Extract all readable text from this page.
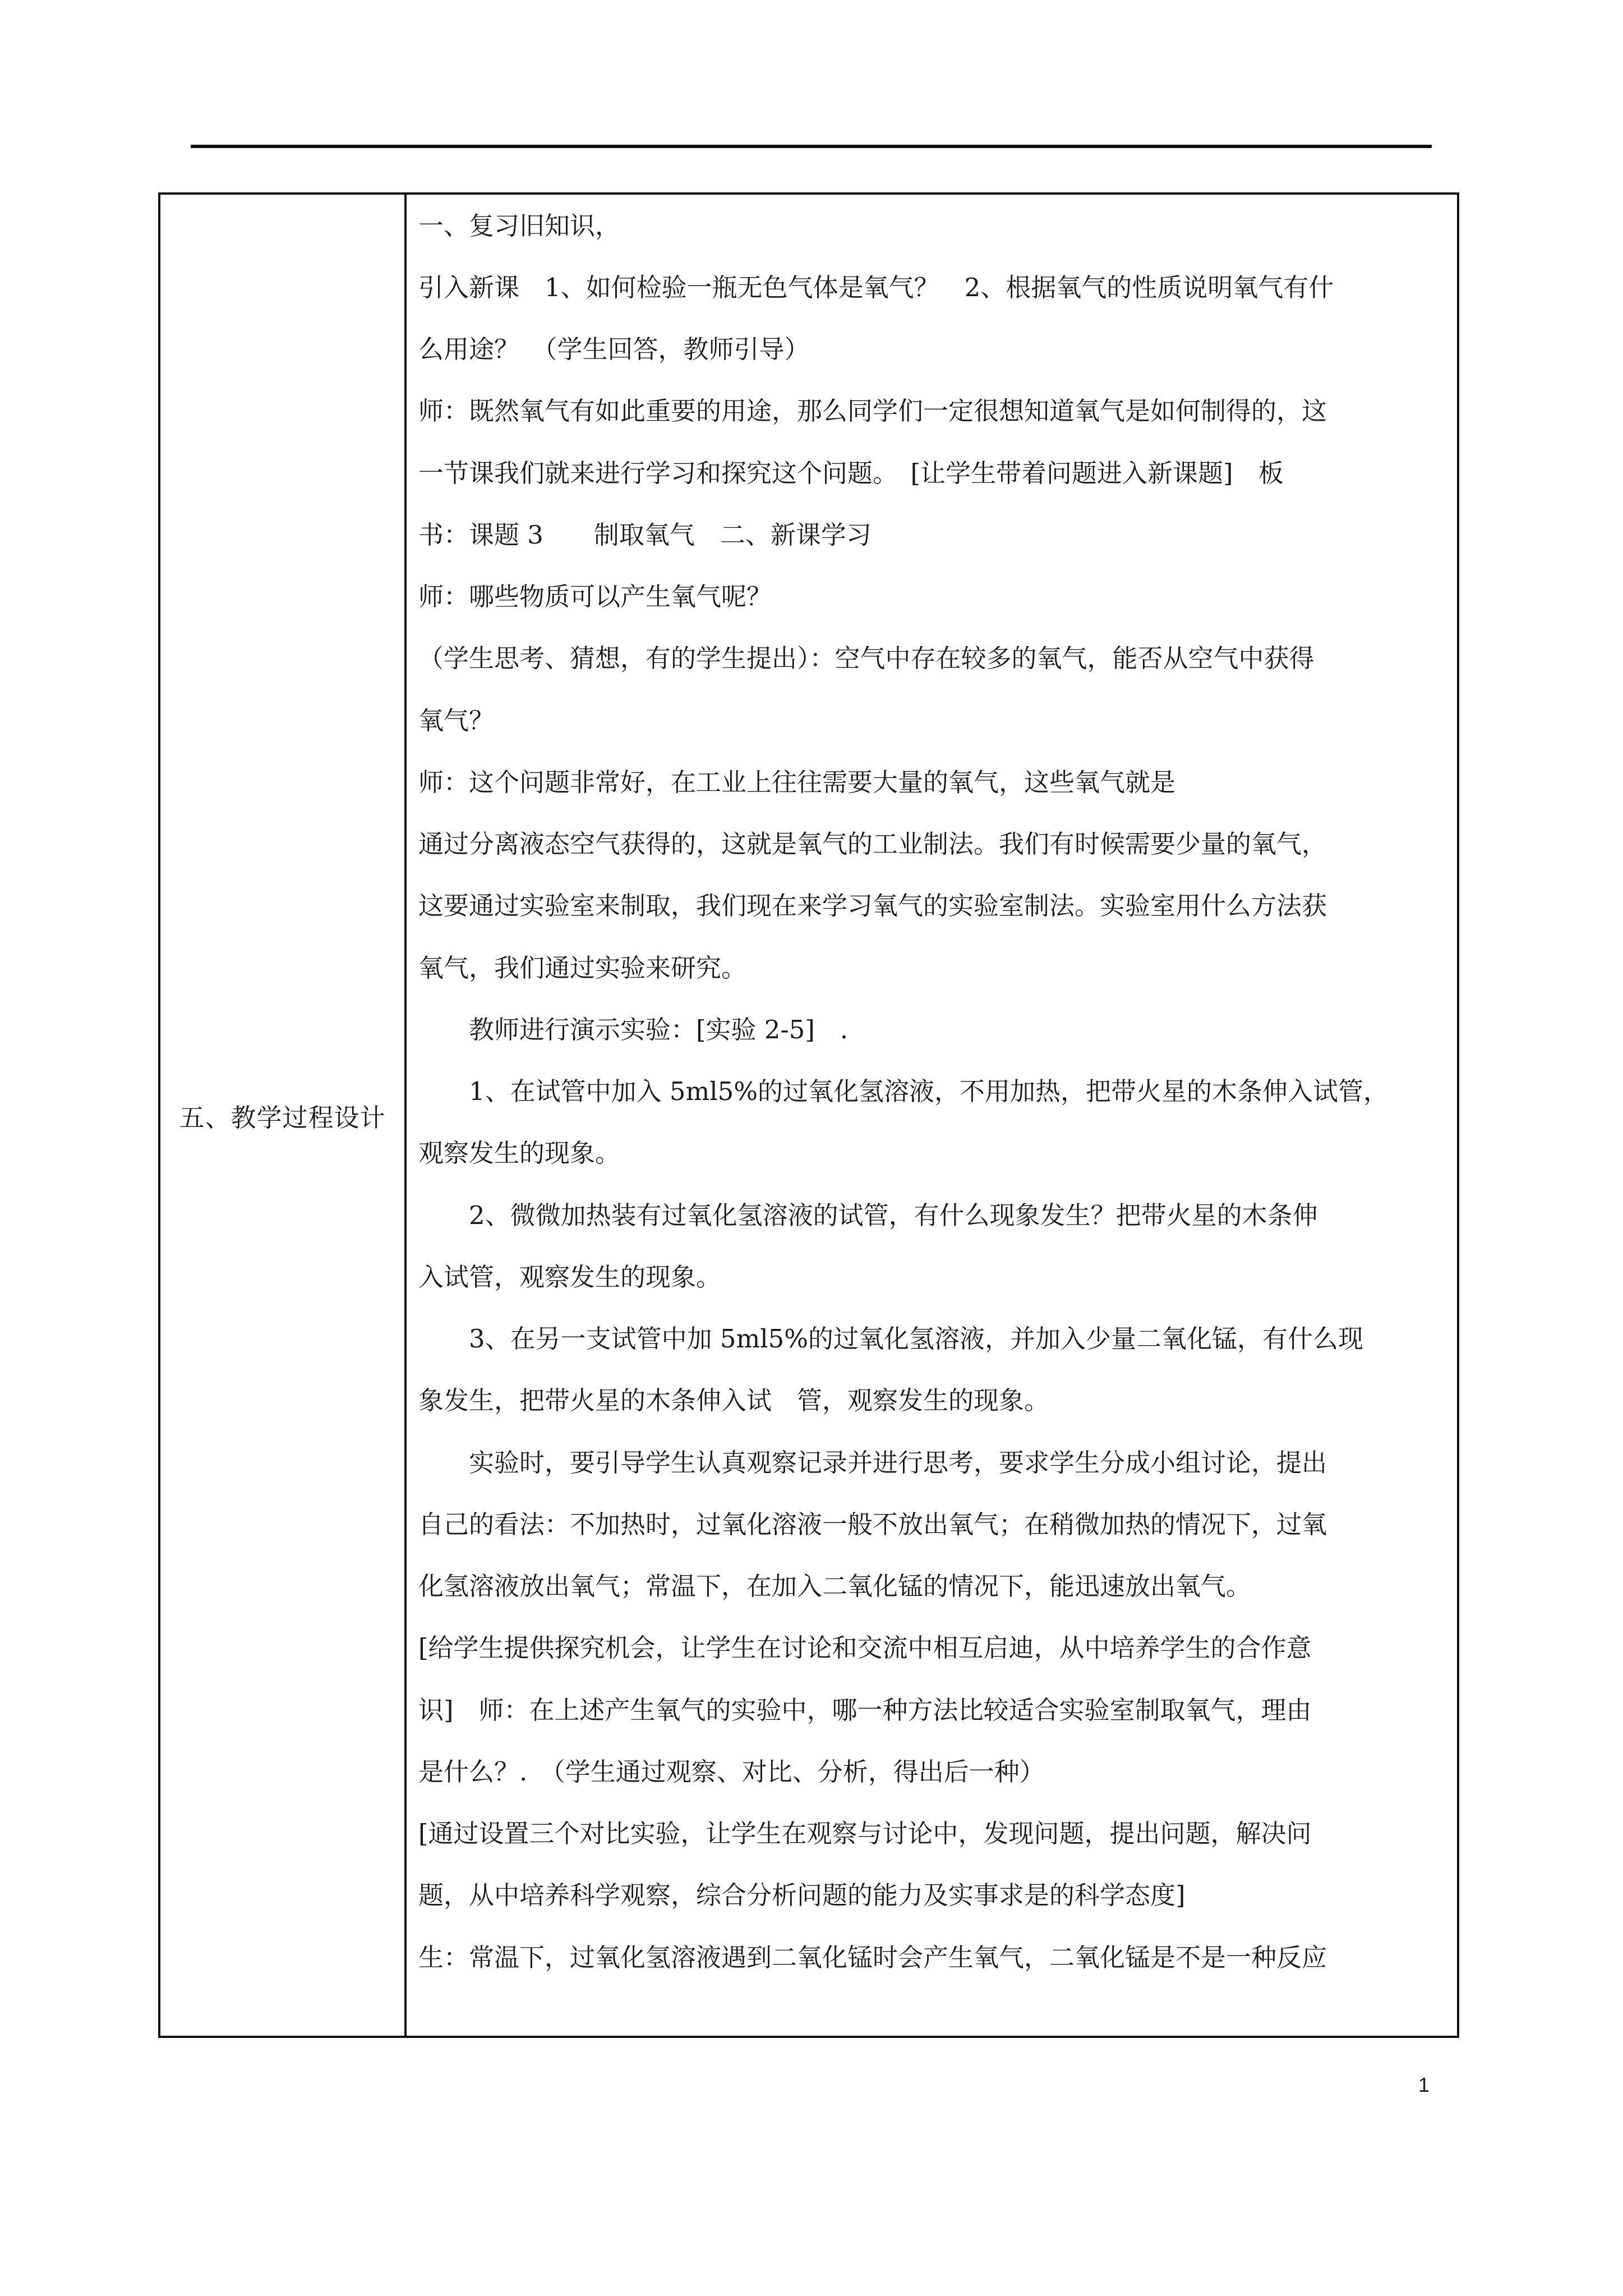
五、教学过程设计
一、复习旧知识，
引入新课　1、如何检验一瓶无色气体是氧气？　2、根据氧气的性质说明氧气有什
么用途？　（学生回答，教师引导）
师：既然氧气有如此重要的用途，那么同学们一定很想知道氧气是如何制得的，这
一节课我们就来进行学习和探究这个问题。　[让学生带着问题进入新课题]　板
书：课题 3　　制取氧气　二、新课学习
师：哪些物质可以产生氧气呢？
（学生思考、猜想，有的学生提出）：空气中存在较多的氧气，能否从空气中获得
氧气？
师：这个问题非常好，在工业上往往需要大量的氧气，这些氧气就是
通过分离液态空气获得的，这就是氧气的工业制法。我们有时候需要少量的氧气，
这要通过实验室来制取，我们现在来学习氧气的实验室制法。实验室用什么方法获
氧气，我们通过实验来研究。
　　教师进行演示实验：[实验 2-5]　.
　　1、在试管中加入 5ml5%的过氧化氢溶液，不用加热，把带火星的木条伸入试管，
观察发生的现象。
　　2、微微加热装有过氧化氢溶液的试管，有什么现象发生？把带火星的木条伸
入试管，观察发生的现象。
　　3、在另一支试管中加 5ml5%的过氧化氢溶液，并加入少量二氧化锰，有什么现
象发生，把带火星的木条伸入试　管，观察发生的现象。
　　实验时，要引导学生认真观察记录并进行思考，要求学生分成小组讨论，提出
自己的看法：不加热时，过氧化溶液一般不放出氧气；在稍微加热的情况下，过氧
化氢溶液放出氧气；常温下，在加入二氧化锰的情况下，能迅速放出氧气。
[给学生提供探究机会，让学生在讨论和交流中相互启迪，从中培养学生的合作意
识]　师：在上述产生氧气的实验中，哪一种方法比较适合实验室制取氧气，理由
是什么？.　（学生通过观察、对比、分析，得出后一种）
[通过设置三个对比实验，让学生在观察与讨论中，发现问题，提出问题，解决问
题，从中培养科学观察，综合分析问题的能力及实事求是的科学态度]
生：常温下，过氧化氢溶液遇到二氧化锰时会产生氧气，二氧化锰是不是一种反应
1
